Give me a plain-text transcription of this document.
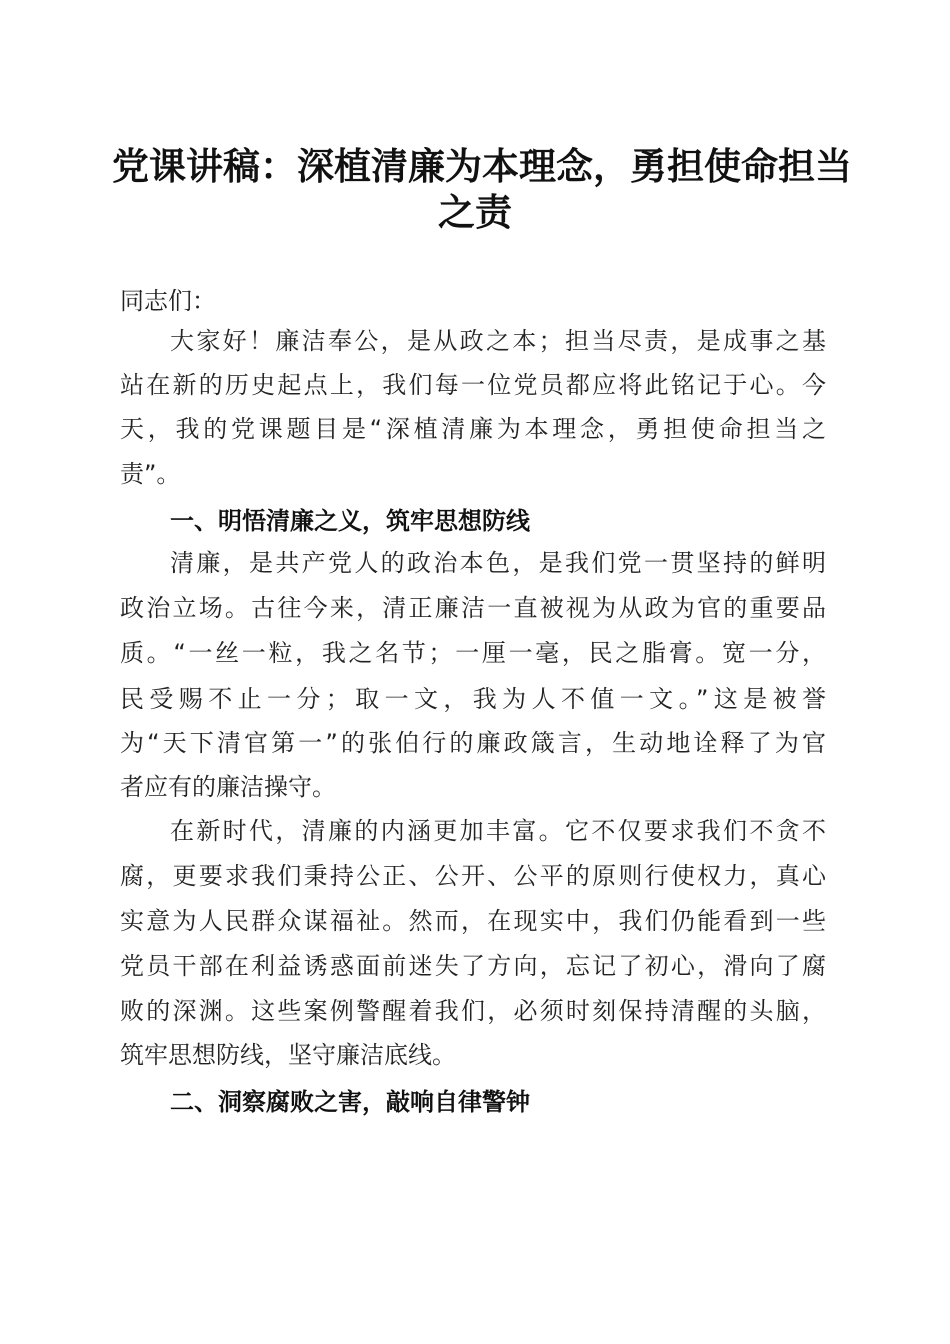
党课讲稿：深植清廉为本理念，勇担使命担当
之责

同志们：

大家好！廉洁奉公，是从政之本；担当尽责，是成事之基

站在新的历史起点上，我们每一位党员都应将此铭记于心。今

天，我的党课题目是“深植清廉为本理念，勇担使命担当之

责”。

一、明悟清廉之义，筑牢思想防线

清廉，是共产党人的政治本色，是我们党一贯坚持的鲜明

政治立场。古往今来，清正廉洁一直被视为从政为官的重要品

质。“一丝一粒，我之名节；一厘一毫，民之脂膏。宽一分，

民受赐不止一分；取一文，我为人不值一文。”这是被誉

为“天下清官第一”的张伯行的廉政箴言，生动地诠释了为官

者应有的廉洁操守。

在新时代，清廉的内涵更加丰富。它不仅要求我们不贪不

腐，更要求我们秉持公正、公开、公平的原则行使权力，真心

实意为人民群众谋福祉。然而，在现实中，我们仍能看到一些

党员干部在利益诱惑面前迷失了方向，忘记了初心，滑向了腐

败的深渊。这些案例警醒着我们，必须时刻保持清醒的头脑，

筑牢思想防线，坚守廉洁底线。

二、洞察腐败之害，敲响自律警钟
